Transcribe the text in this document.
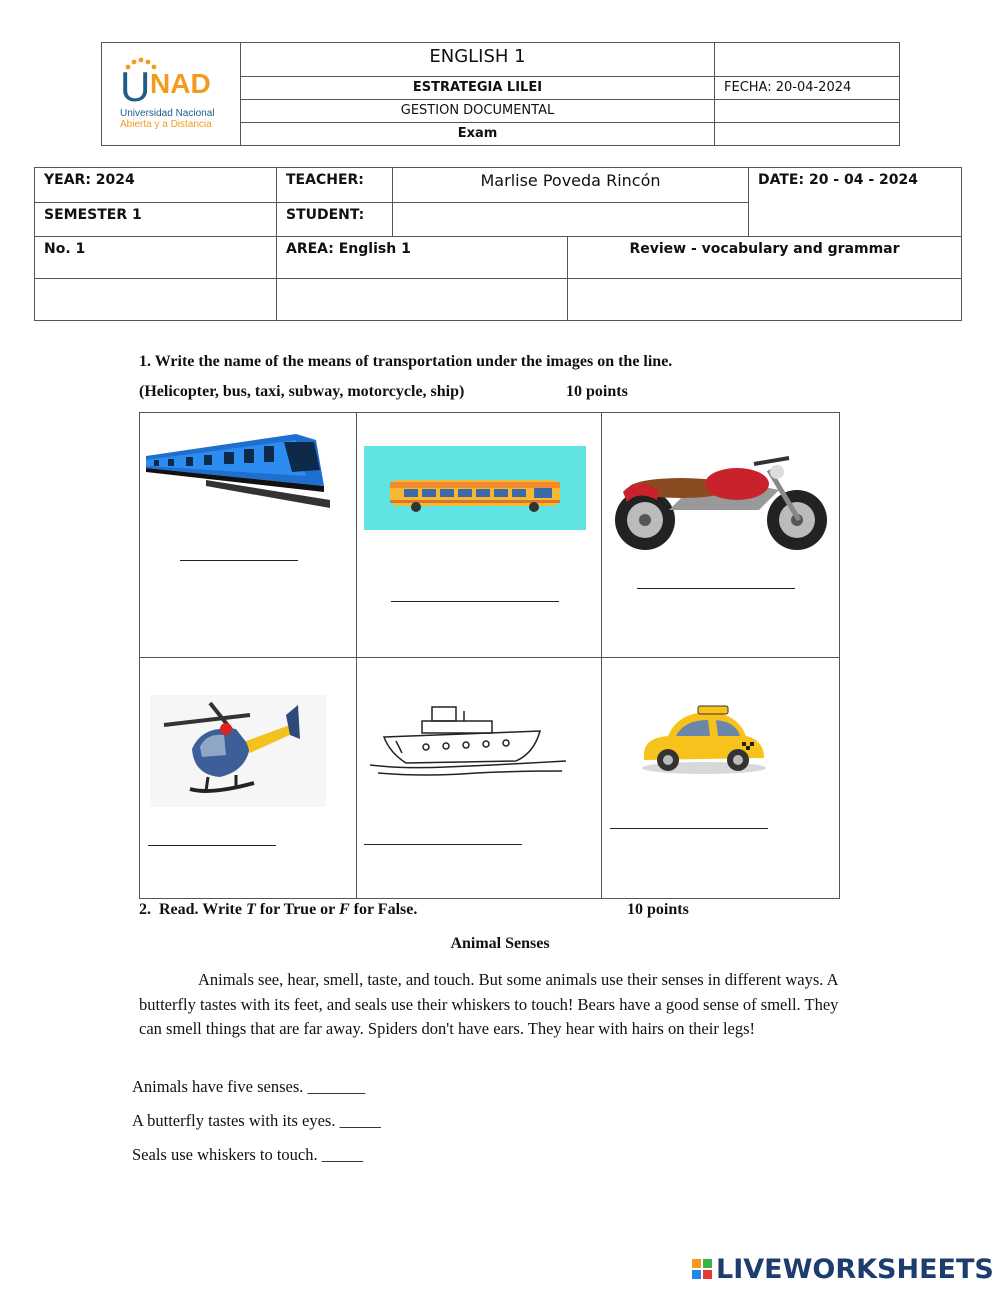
U NAD
Universidad Nacional
Abierta y a Distancia
ENGLISH 1
ESTRATEGIA LILEI	FECHA: 20-04-2024
GESTION DOCUMENTAL
Exam
YEAR: 2024	TEACHER:	Marlise Poveda Rincón	DATE: 20 - 04 - 2024
SEMESTER 1	STUDENT:
No. 1	AREA: English 1	Review - vocabulary and grammar
1. Write the name of the means of transportation under the images on the line.
(Helicopter, bus, taxi, subway, motorcycle, ship)	10 points
2.  Read. Write T for True or F for False.	10 points
Animal Senses
Animals see, hear, smell, taste, and touch. But some animals use their senses in different ways. A butterfly tastes with its feet, and seals use their whiskers to touch! Bears have a good sense of smell. They can smell things that are far away. Spiders don't have ears. They hear with hairs on their legs!
Animals have five senses. _______
A butterfly tastes with its eyes. _____
Seals use whiskers to touch. _____
LIVEWORKSHEETS
